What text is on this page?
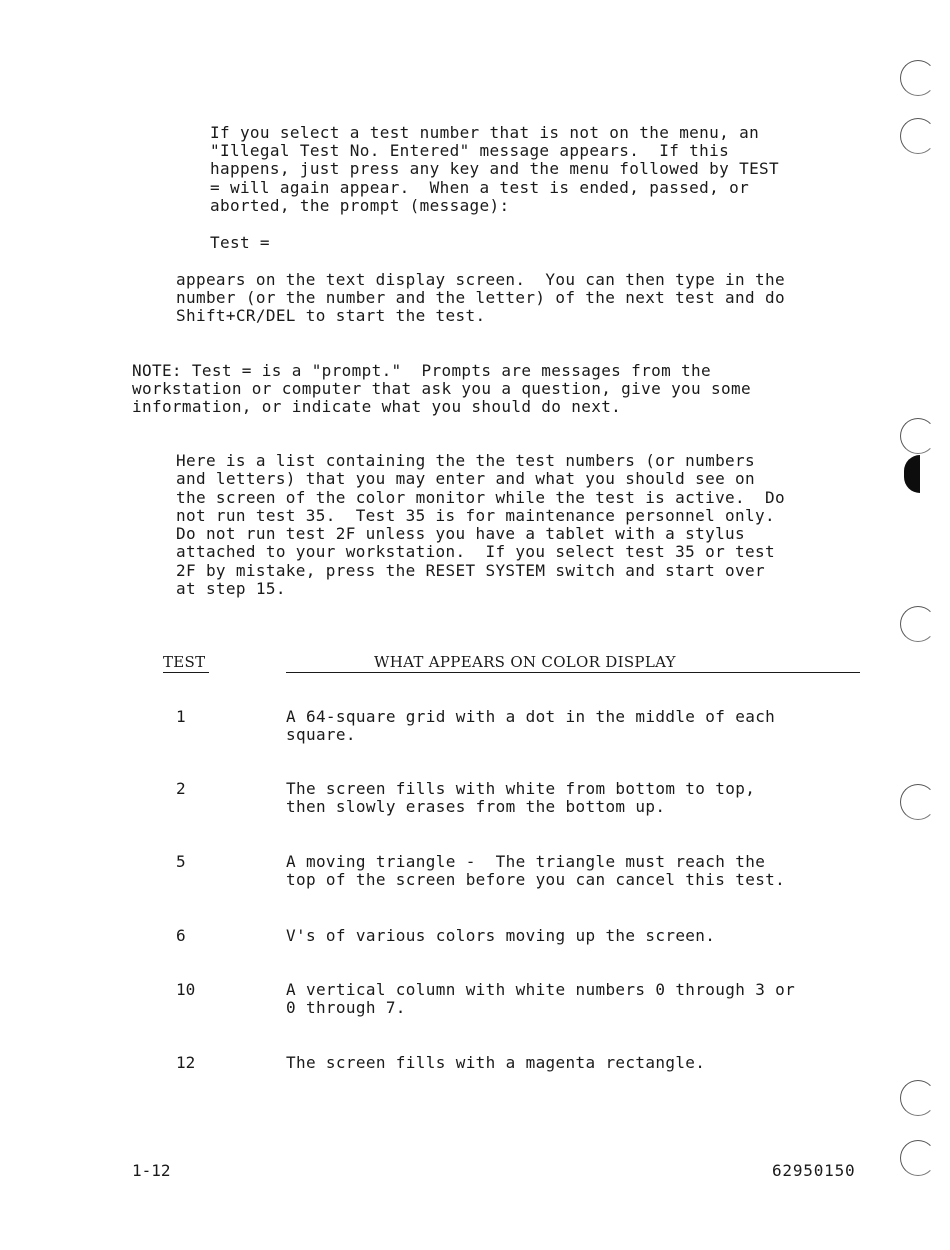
If you select a test number that is not on the menu, an
"Illegal Test No. Entered" message appears.  If this
happens, just press any key and the menu followed by TEST
= will again appear.  When a test is ended, passed, or
aborted, the prompt (message):

Test =

appears on the text display screen.  You can then type in the
number (or the number and the letter) of the next test and do
Shift+CR/DEL to start the test.

NOTE: Test = is a "prompt."  Prompts are messages from the
workstation or computer that ask you a question, give you some
information, or indicate what you should do next.

Here is a list containing the the test numbers (or numbers
and letters) that you may enter and what you should see on
the screen of the color monitor while the test is active.  Do
not run test 35.  Test 35 is for maintenance personnel only.
Do not run test 2F unless you have a tablet with a stylus
attached to your workstation.  If you select test 35 or test
2F by mistake, press the RESET SYSTEM switch and start over
at step 15.

TEST	WHAT APPEARS ON COLOR DISPLAY
1	A 64-square grid with a dot in the middle of each
square.
2	The screen fills with white from bottom to top,
then slowly erases from the bottom up.
5	A moving triangle -  The triangle must reach the
top of the screen before you can cancel this test.
6	V's of various colors moving up the screen.
10	A vertical column with white numbers 0 through 3 or
0 through 7.
12	The screen fills with a magenta rectangle.
1-12	62950150
